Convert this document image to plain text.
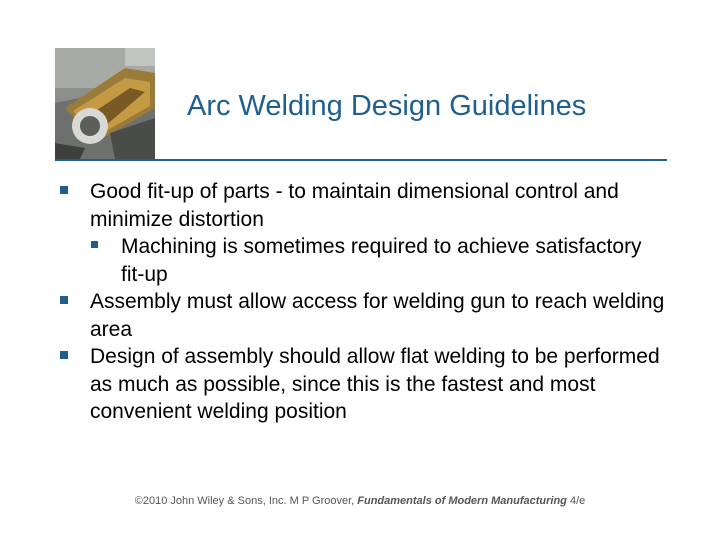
Arc Welding Design Guidelines
Good fit‑up of parts ‑ to maintain dimensional control and minimize distortion
Machining is sometimes required to achieve satisfactory fit‑up
Assembly must allow access for welding gun to reach welding area
Design of assembly should allow flat welding to be performed as much as possible, since this is the fastest and most convenient welding position
©2010 John Wiley & Sons, Inc. M P Groover, Fundamentals of Modern Manufacturing 4/e
